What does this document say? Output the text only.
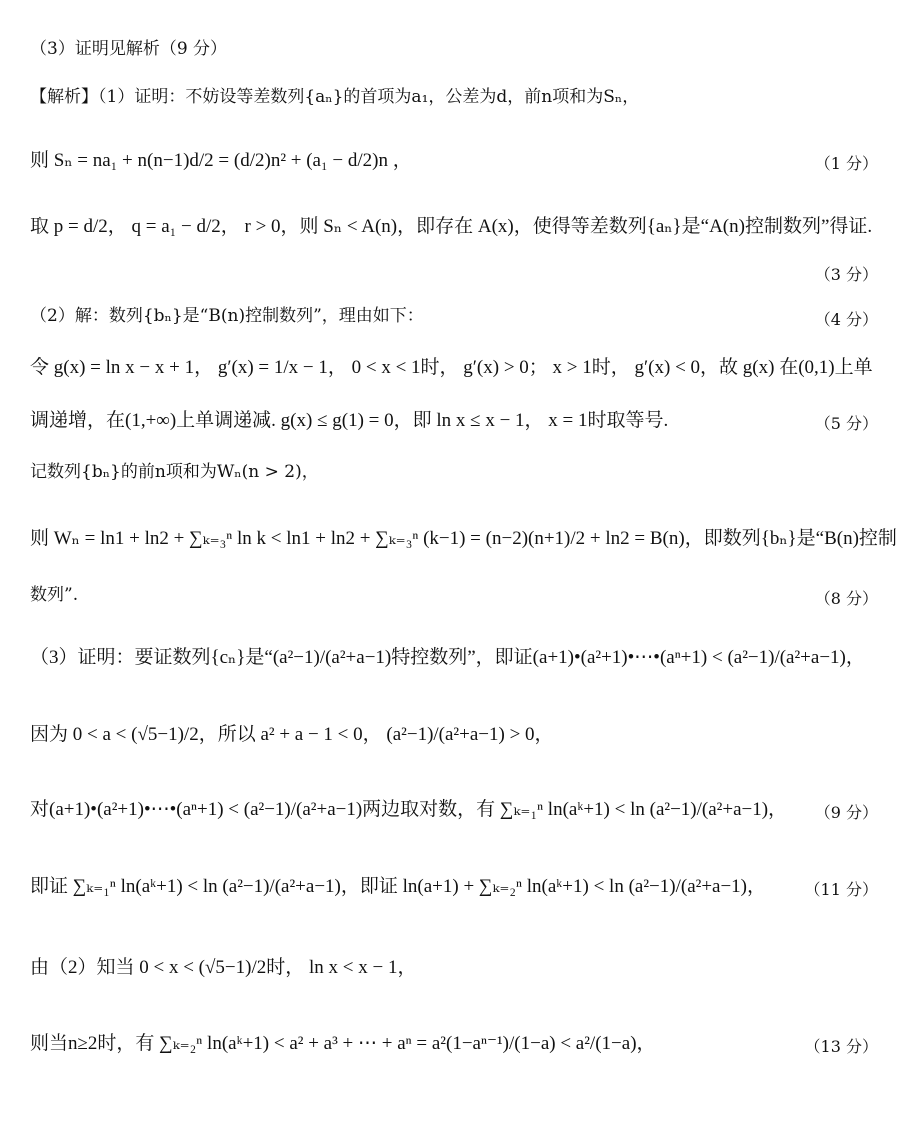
（3）证明见解析（9 分）
【解析】（1）证明：不妨设等差数列{aₙ}的首项为a₁，公差为d，前n项和为Sₙ，
则 Sₙ = na₁ + n(n−1)d/2 = (d/2)n² + (a₁ − d/2)n ，	（1 分）
取 p = d/2， q = a₁ − d/2， r > 0，则 Sₙ < A(n)，即存在 A(x)，使得等差数列{aₙ}是“A(n)控制数列”得证.
（3 分）
（2）解：数列{bₙ}是“B(n)控制数列”，理由如下：	（4 分）
令 g(x) = ln x − x + 1， g′(x) = 1/x − 1， 0 < x < 1时， g′(x) > 0； x > 1时， g′(x) < 0，故 g(x) 在(0,1)上单
调递增，在(1,+∞)上单调递减. g(x) ≤ g(1) = 0，即 ln x ≤ x − 1， x = 1时取等号.	（5 分）
记数列{bₙ}的前n项和为Wₙ(n > 2)，
则 Wₙ = ln1 + ln2 + ∑ₖ₌₃ⁿ ln k < ln1 + ln2 + ∑ₖ₌₃ⁿ (k−1) = (n−2)(n+1)/2 + ln2 = B(n)，即数列{bₙ}是“B(n)控制
数列”.	（8 分）
（3）证明：要证数列{cₙ}是“(a²−1)/(a²+a−1)特控数列”，即证(a+1)•(a²+1)•⋯•(aⁿ+1) < (a²−1)/(a²+a−1)，
因为 0 < a < (√5−1)/2，所以 a² + a − 1 < 0， (a²−1)/(a²+a−1) > 0，
对(a+1)•(a²+1)•⋯•(aⁿ+1) < (a²−1)/(a²+a−1)两边取对数，有 ∑ₖ₌₁ⁿ ln(aᵏ+1) < ln (a²−1)/(a²+a−1)，	（9 分）
即证 ∑ₖ₌₁ⁿ ln(aᵏ+1) < ln (a²−1)/(a²+a−1)，即证 ln(a+1) + ∑ₖ₌₂ⁿ ln(aᵏ+1) < ln (a²−1)/(a²+a−1)，	（11 分）
由（2）知当 0 < x < (√5−1)/2时， ln x < x − 1，
则当n≥2时，有 ∑ₖ₌₂ⁿ ln(aᵏ+1) < a² + a³ + ⋯ + aⁿ = a²(1−aⁿ⁻¹)/(1−a) < a²/(1−a)，	（13 分）
